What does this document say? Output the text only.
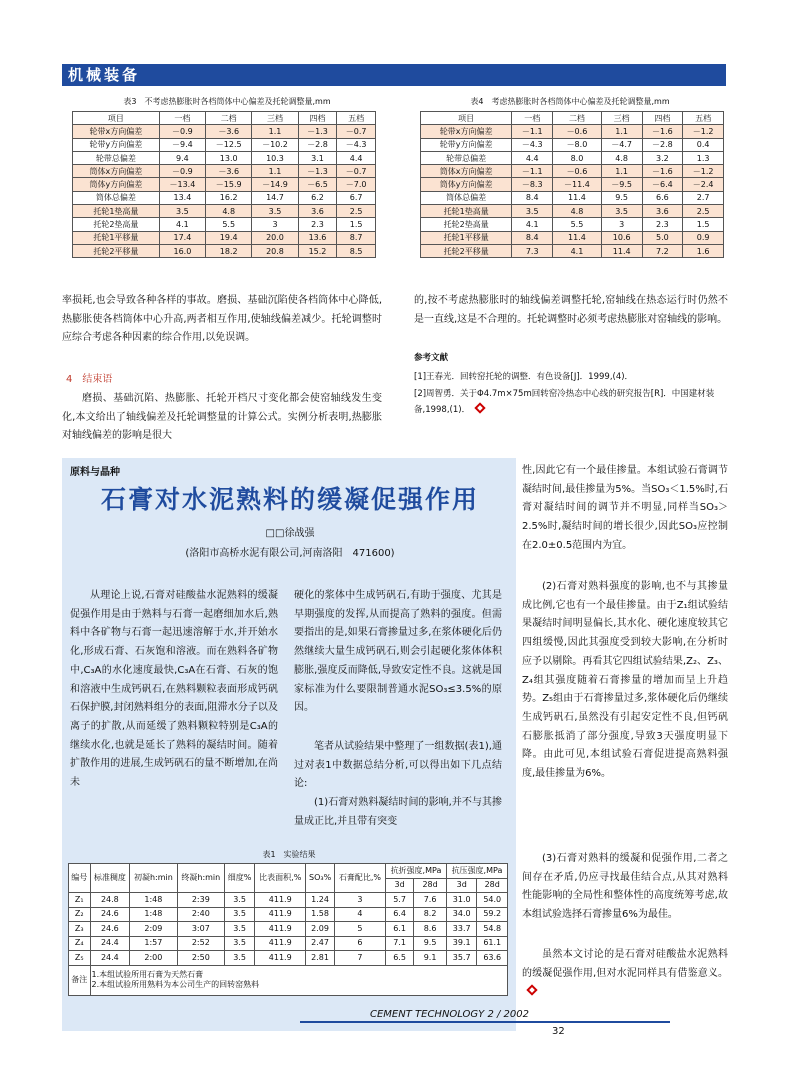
机械装备
表3　不考虑热膨胀时各档筒体中心偏差及托轮调整量,mm
项目	一档	二档	三档	四档	五档
轮带x方向偏差	－0.9	－3.6	1.1	－1.3	－0.7
轮带y方向偏差	－9.4	－12.5	－10.2	－2.8	－4.3
轮带总偏差	9.4	13.0	10.3	3.1	4.4
筒体x方向偏差	－0.9	－3.6	1.1	－1.3	－0.7
筒体y方向偏差	－13.4	－15.9	－14.9	－6.5	－7.0
筒体总偏差	13.4	16.2	14.7	6.2	6.7
托轮1垫高量	3.5	4.8	3.5	3.6	2.5
托轮2垫高量	4.1	5.5	3	2.3	1.5
托轮1平移量	17.4	19.4	20.0	13.6	8.7
托轮2平移量	16.0	18.2	20.8	15.2	8.5
表4　考虑热膨胀时各档筒体中心偏差及托轮调整量,mm
项目	一档	二档	三档	四档	五档
轮带x方向偏差	－1.1	－0.6	1.1	－1.6	－1.2
轮带y方向偏差	－4.3	－8.0	－4.7	－2.8	0.4
轮带总偏差	4.4	8.0	4.8	3.2	1.3
筒体x方向偏差	－1.1	－0.6	1.1	－1.6	－1.2
筒体y方向偏差	－8.3	－11.4	－9.5	－6.4	－2.4
筒体总偏差	8.4	11.4	9.5	6.6	2.7
托轮1垫高量	3.5	4.8	3.5	3.6	2.5
托轮2垫高量	4.1	5.5	3	2.3	1.5
托轮1平移量	8.4	11.4	10.6	5.0	0.9
托轮2平移量	7.3	4.1	11.4	7.2	1.6
率损耗,也会导致各种各样的事故。磨损、基础沉陷使各档筒体中心降低,热膨胀使各档筒体中心升高,两者相互作用,使轴线偏差减少。托轮调整时应综合考虑各种因素的综合作用,以免误调。
4　结束语
磨损、基础沉陷、热膨胀、托轮开档尺寸变化都会使窑轴线发生变化,本文给出了轴线偏差及托轮调整量的计算公式。实例分析表明,热膨胀对轴线偏差的影响是很大
的,按不考虑热膨胀时的轴线偏差调整托轮,窑轴线在热态运行时仍然不是一直线,这是不合理的。托轮调整时必须考虑热膨胀对窑轴线的影响。
参考文献
[1]王春光．回转窑托轮的调整．有色设备[J]．1999,(4)．
[2]周智勇．关于Φ4.7m×75m回转窑冷热态中心线的研究报告[R]．中国建材装备,1998,(1)．
原料与晶种
石膏对水泥熟料的缓凝促强作用
□□徐战强
(洛阳市高桥水泥有限公司,河南洛阳　471600)
从理论上说,石膏对硅酸盐水泥熟料的缓凝促强作用是由于熟料与石膏一起磨细加水后,熟料中各矿物与石膏一起迅速溶解于水,并开始水化,形成石膏、石灰饱和溶液。而在熟料各矿物中,C₃A的水化速度最快,C₃A在石膏、石灰的饱和溶液中生成钙矾石,在熟料颗粒表面形成钙矾石保护膜,封闭熟料组分的表面,阻滞水分子以及离子的扩散,从而延缓了熟料颗粒特别是C₃A的继续水化,也就是延长了熟料的凝结时间。随着扩散作用的进展,生成钙矾石的量不断增加,在尚未
硬化的浆体中生成钙矾石,有助于强度、尤其是早期强度的发挥,从而提高了熟料的强度。但需要指出的是,如果石膏掺量过多,在浆体硬化后仍然继续大量生成钙矾石,则会引起硬化浆体体积膨胀,强度反而降低,导致安定性不良。这就是国家标准为什么要限制普通水泥SO₃≤3.5%的原因。
笔者从试验结果中整理了一组数据(表1),通过对表1中数据总结分析,可以得出如下几点结论:
(1)石膏对熟料凝结时间的影响,并不与其掺量成正比,并且带有突变
性,因此它有一个最佳掺量。本组试验石膏调节凝结时间,最佳掺量为5%。当SO₃＜1.5%时,石膏对凝结时间的调节并不明显,同样当SO₃＞2.5%时,凝结时间的增长很少,因此SO₃应控制在2.0±0.5范围内为宜。
(2)石膏对熟料强度的影响,也不与其掺量成比例,它也有一个最佳掺量。由于Z₁组试验结果凝结时间明显偏长,其水化、硬化速度较其它四组缓慢,因此其强度受到较大影响,在分析时应予以剔除。再看其它四组试验结果,Z₂、Z₃、Z₄组其强度随着石膏掺量的增加而呈上升趋势。Z₅组由于石膏掺量过多,浆体硬化后仍继续生成钙矾石,虽然没有引起安定性不良,但钙矾石膨胀抵消了部分强度,导致3天强度明显下降。由此可见,本组试验石膏促进提高熟料强度,最佳掺量为6%。
(3)石膏对熟料的缓凝和促强作用,二者之间存在矛盾,仍应寻找最佳结合点,从其对熟料性能影响的全局性和整体性的高度统筹考虑,故本组试验选择石膏掺量6%为最佳。
虽然本文讨论的是石膏对硅酸盐水泥熟料的缓凝促强作用,但对水泥同样具有借鉴意义。
表1　实验结果
编号	标准稠度	初凝h:min	终凝h:min	细度%	比表面积,%	SO₃%	石膏配比,%	抗折强度,MPa		抗压强度,MPa	
								3d	28d	3d	28d
Z₁	24.8	1:48	2:39	3.5	411.9	1.24	3	5.7	7.6	31.0	54.0
Z₂	24.6	1:48	2:40	3.5	411.9	1.58	4	6.4	8.2	34.0	59.2
Z₃	24.6	2:09	3:07	3.5	411.9	2.09	5	6.1	8.6	33.7	54.8
Z₄	24.4	1:57	2:52	3.5	411.9	2.47	6	7.1	9.5	39.1	61.1
Z₅	24.4	2:00	2:50	3.5	411.9	2.81	7	6.5	9.1	35.7	63.6
备注	1.本组试验所用石膏为天然石膏
2.本组试验所用熟料为本公司生产的回转窑熟料										
CEMENT TECHNOLOGY 2 / 2002
32
